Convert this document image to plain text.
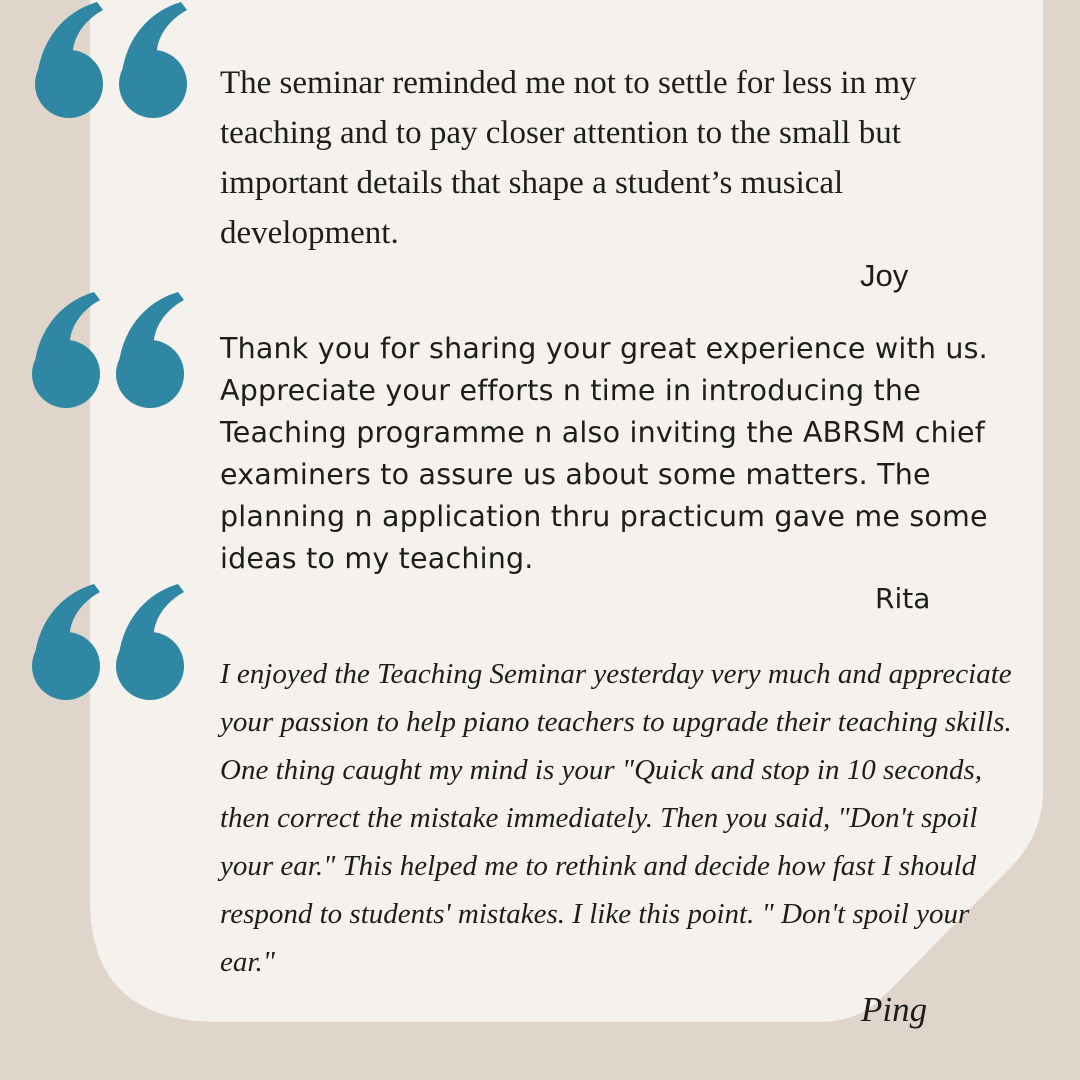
The seminar reminded me not to settle for less in my teaching and to pay closer attention to the small but important details that shape a student’s musical development.

Joy

Thank you for sharing your great experience with us. Appreciate your efforts n time in introducing the Teaching programme n also inviting the ABRSM chief examiners to assure us about some matters. The planning n application thru practicum gave me some ideas to my teaching.

Rita

I enjoyed the Teaching Seminar yesterday very much and appreciate your passion to help piano teachers to upgrade their teaching skills. One thing caught my mind is your "Quick and stop in 10 seconds, then correct the mistake immediately. Then you said, "Don't spoil your ear." This helped me to rethink and decide how fast I should respond to students' mistakes. I like this point. " Don't spoil your ear."

Ping
